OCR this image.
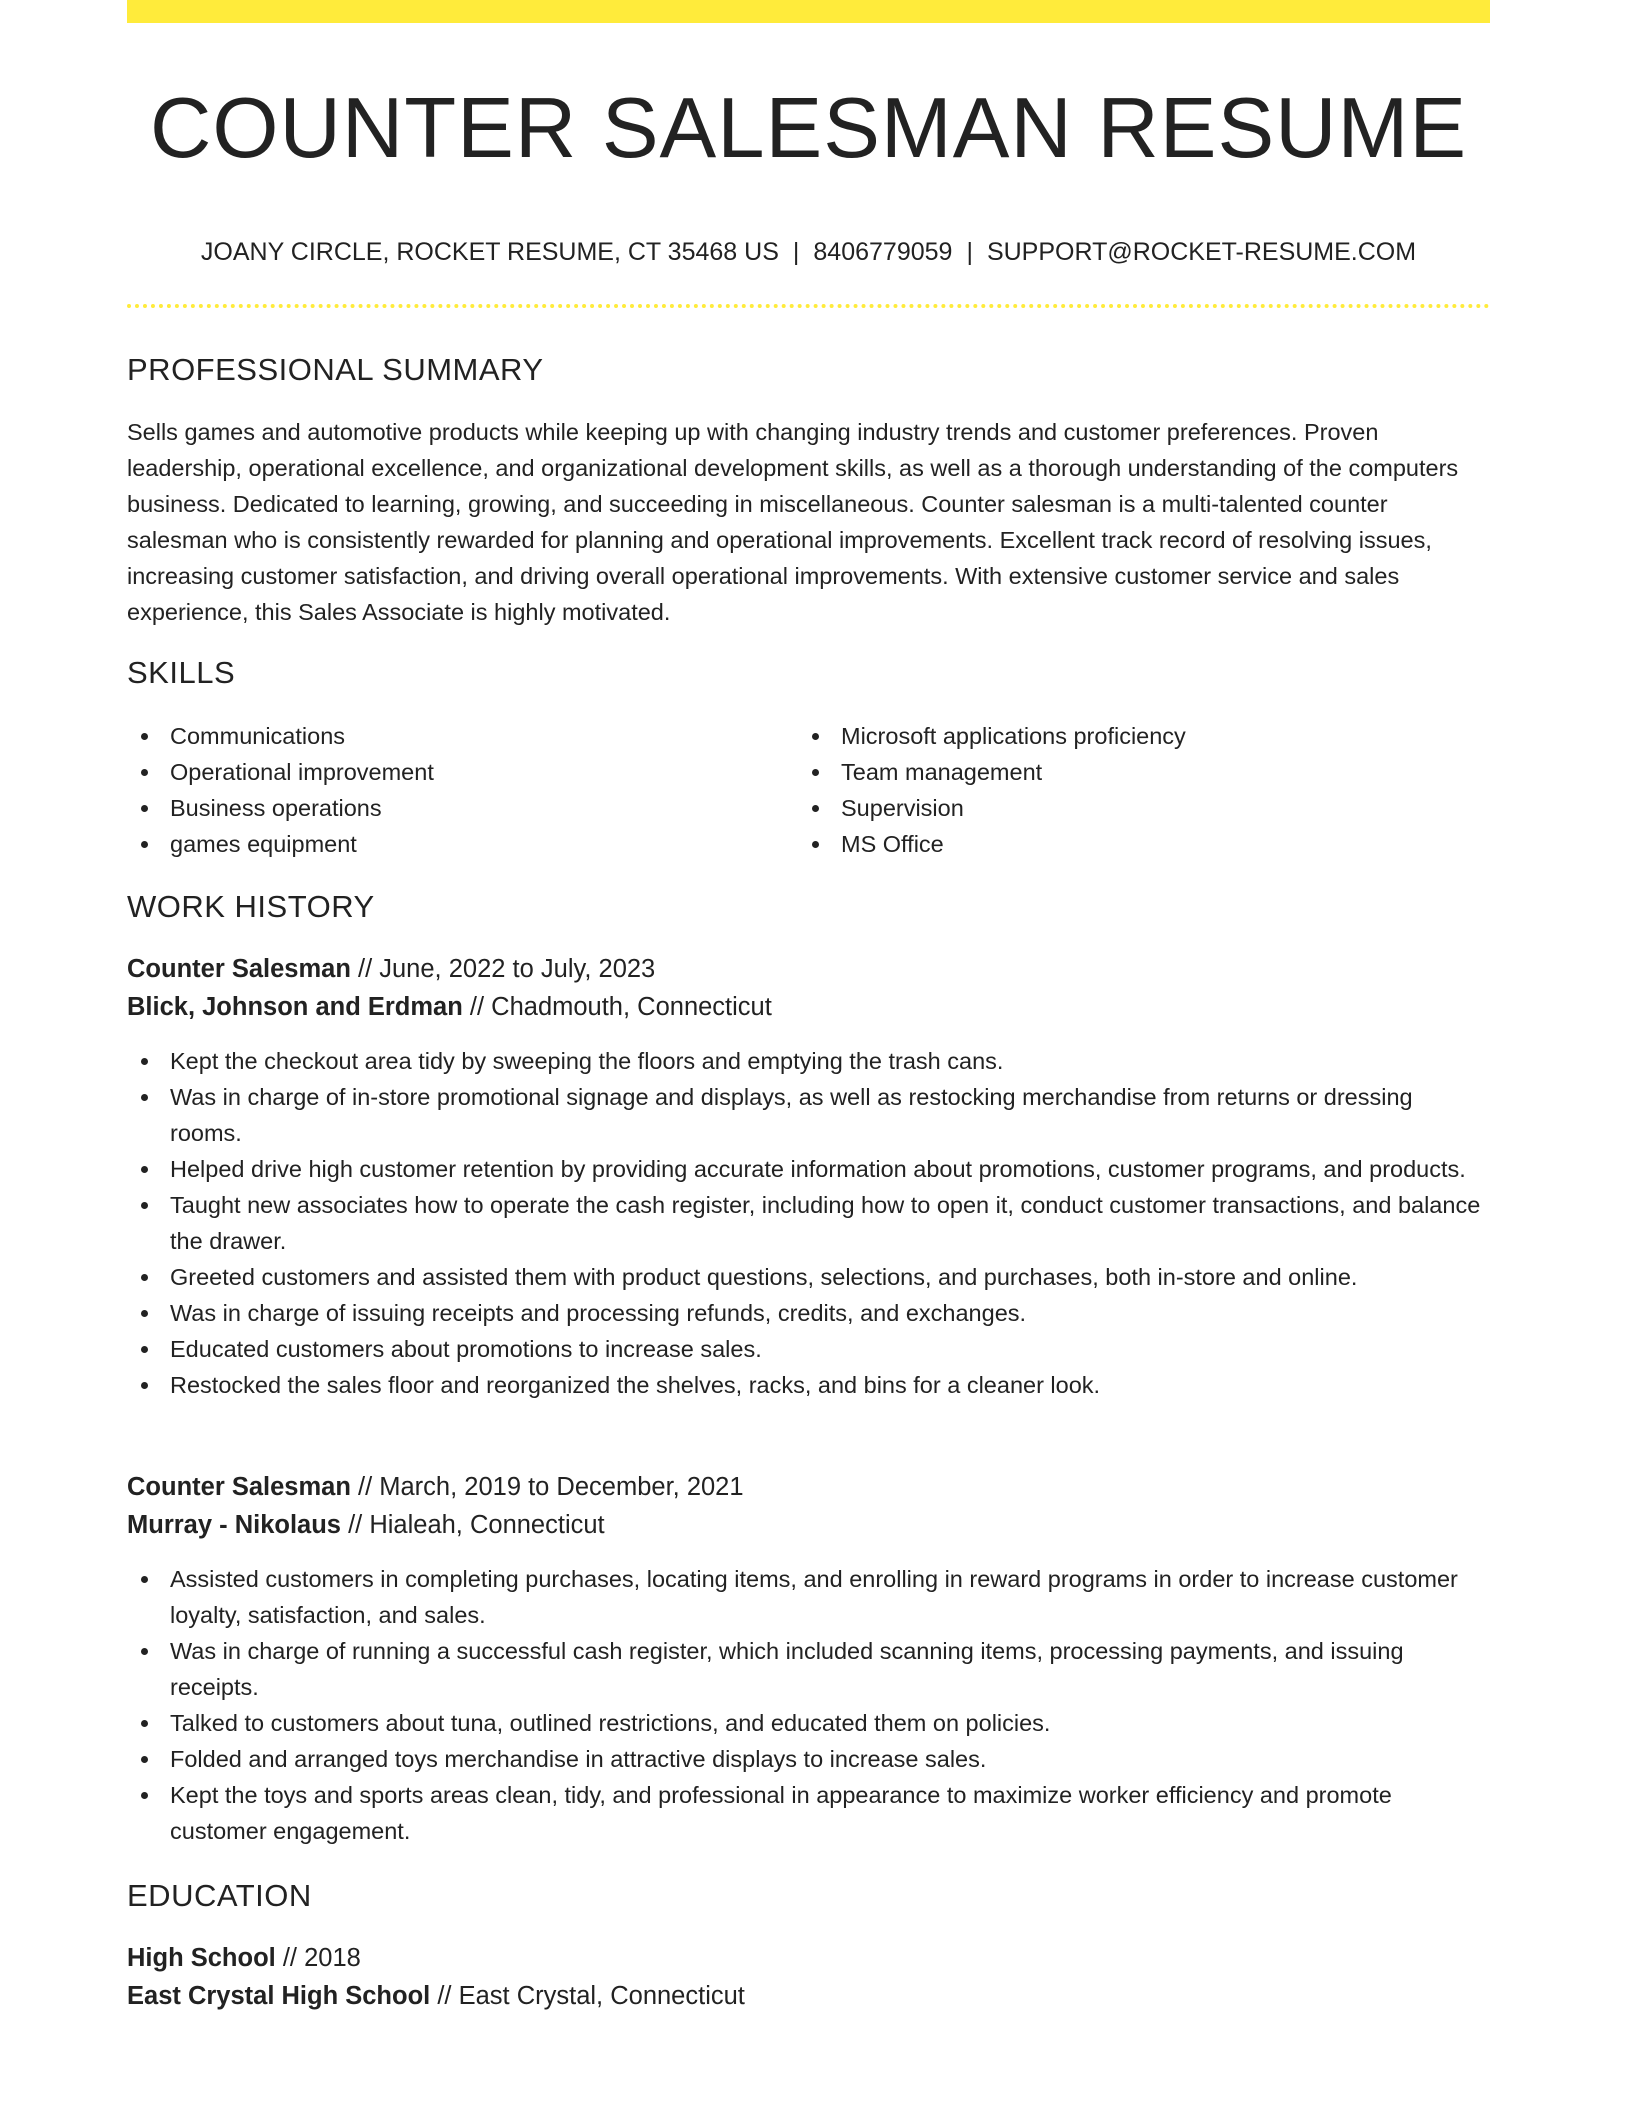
COUNTER SALESMAN RESUME
JOANY CIRCLE, ROCKET RESUME, CT 35468 US | 8406779059 | SUPPORT@ROCKET-RESUME.COM
PROFESSIONAL SUMMARY

Sells games and automotive products while keeping up with changing industry trends and customer preferences. Proven leadership, operational excellence, and organizational development skills, as well as a thorough understanding of the computers business. Dedicated to learning, growing, and succeeding in miscellaneous. Counter salesman is a multi-talented counter salesman who is consistently rewarded for planning and operational improvements. Excellent track record of resolving issues, increasing customer satisfaction, and driving overall operational improvements. With extensive customer service and sales experience, this Sales Associate is highly motivated.

SKILLS
Communications
Operational improvement
Business operations
games equipment
Microsoft applications proficiency
Team management
Supervision
MS Office
WORK HISTORY
Counter Salesman // June, 2022 to July, 2023
Blick, Johnson and Erdman // Chadmouth, Connecticut
Kept the checkout area tidy by sweeping the floors and emptying the trash cans.
Was in charge of in-store promotional signage and displays, as well as restocking merchandise from returns or dressing rooms.
Helped drive high customer retention by providing accurate information about promotions, customer programs, and products.
Taught new associates how to operate the cash register, including how to open it, conduct customer transactions, and balance the drawer.
Greeted customers and assisted them with product questions, selections, and purchases, both in-store and online.
Was in charge of issuing receipts and processing refunds, credits, and exchanges.
Educated customers about promotions to increase sales.
Restocked the sales floor and reorganized the shelves, racks, and bins for a cleaner look.
Counter Salesman // March, 2019 to December, 2021
Murray - Nikolaus // Hialeah, Connecticut
Assisted customers in completing purchases, locating items, and enrolling in reward programs in order to increase customer loyalty, satisfaction, and sales.
Was in charge of running a successful cash register, which included scanning items, processing payments, and issuing receipts.
Talked to customers about tuna, outlined restrictions, and educated them on policies.
Folded and arranged toys merchandise in attractive displays to increase sales.
Kept the toys and sports areas clean, tidy, and professional in appearance to maximize worker efficiency and promote customer engagement.
EDUCATION
High School // 2018
East Crystal High School // East Crystal, Connecticut
